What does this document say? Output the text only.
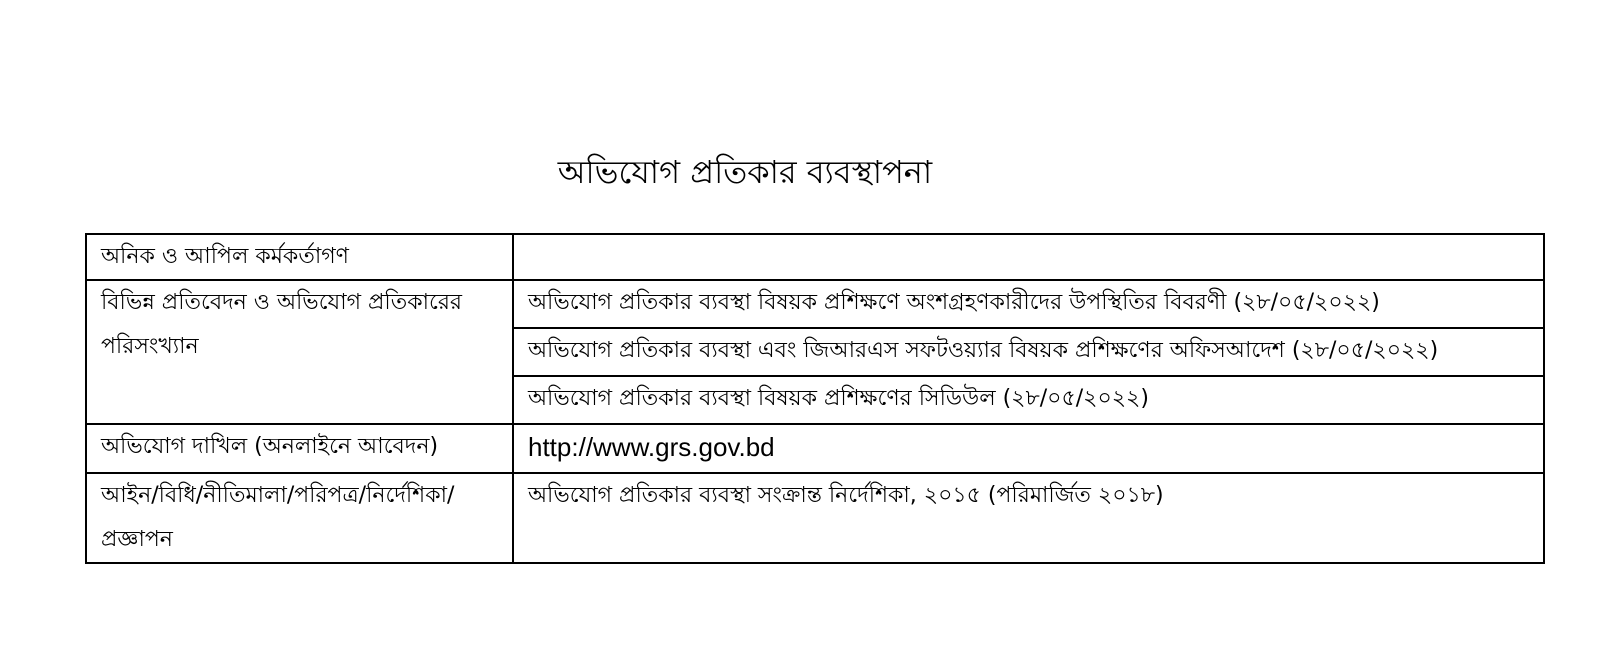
অভিযোগ প্রতিকার ব্যবস্থাপনা
অনিক ও আপিল কর্মকর্তাগণ	
বিভিন্ন প্রতিবেদন ও অভিযোগ প্রতিকারের পরিসংখ্যান	অভিযোগ প্রতিকার ব্যবস্থা বিষয়ক প্রশিক্ষণে অংশগ্রহণকারীদের উপস্থিতির বিবরণী (২৮/০৫/২০২২)
	অভিযোগ প্রতিকার ব্যবস্থা এবং জিআরএস সফটওয়্যার বিষয়ক প্রশিক্ষণের অফিসআদেশ (২৮/০৫/২০২২)
	অভিযোগ প্রতিকার ব্যবস্থা বিষয়ক প্রশিক্ষণের সিডিউল (২৮/০৫/২০২২)
অভিযোগ দাখিল (অনলাইনে আবেদন)	http://www.grs.gov.bd
আইন/বিধি/নীতিমালা/পরিপত্র/নির্দেশিকা/প্রজ্ঞাপন	অভিযোগ প্রতিকার ব্যবস্থা সংক্রান্ত নির্দেশিকা, ২০১৫ (পরিমার্জিত ২০১৮)
